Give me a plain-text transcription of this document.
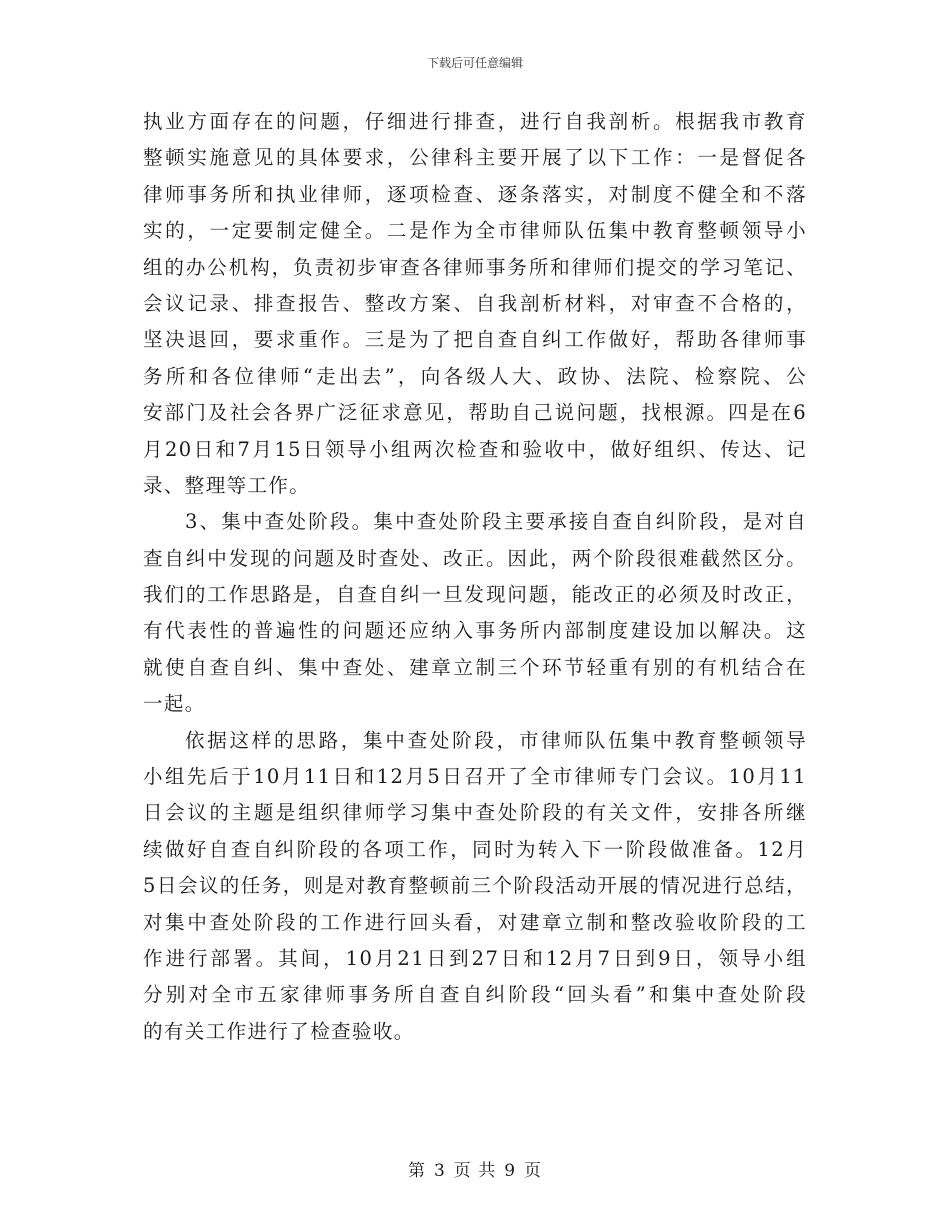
下载后可任意编辑
执业方面存在的问题，仔细进行排查，进行自我剖析。根据我市教育
整顿实施意见的具体要求，公律科主要开展了以下工作：一是督促各
律师事务所和执业律师，逐项检查、逐条落实，对制度不健全和不落
实的，一定要制定健全。二是作为全市律师队伍集中教育整顿领导小
组的办公机构，负责初步审查各律师事务所和律师们提交的学习笔记、
会议记录、排查报告、整改方案、自我剖析材料，对审查不合格的，
坚决退回，要求重作。三是为了把自查自纠工作做好，帮助各律师事
务所和各位律师“走出去”，向各级人大、政协、法院、检察院、公
安部门及社会各界广泛征求意见，帮助自己说问题，找根源。四是在6
月20日和7月15日领导小组两次检查和验收中，做好组织、传达、记
录、整理等工作。
3、集中查处阶段。集中查处阶段主要承接自查自纠阶段，是对自
查自纠中发现的问题及时查处、改正。因此，两个阶段很难截然区分。
我们的工作思路是，自查自纠一旦发现问题，能改正的必须及时改正，
有代表性的普遍性的问题还应纳入事务所内部制度建设加以解决。这
就使自查自纠、集中查处、建章立制三个环节轻重有别的有机结合在
一起。
依据这样的思路，集中查处阶段，市律师队伍集中教育整顿领导
小组先后于10月11日和12月5日召开了全市律师专门会议。10月11
日会议的主题是组织律师学习集中查处阶段的有关文件，安排各所继
续做好自查自纠阶段的各项工作，同时为转入下一阶段做准备。12月
5日会议的任务，则是对教育整顿前三个阶段活动开展的情况进行总结，
对集中查处阶段的工作进行回头看，对建章立制和整改验收阶段的工
作进行部署。其间，10月21日到27日和12月7日到9日，领导小组
分别对全市五家律师事务所自查自纠阶段“回头看”和集中查处阶段
的有关工作进行了检查验收。
第 3 页 共 9 页
